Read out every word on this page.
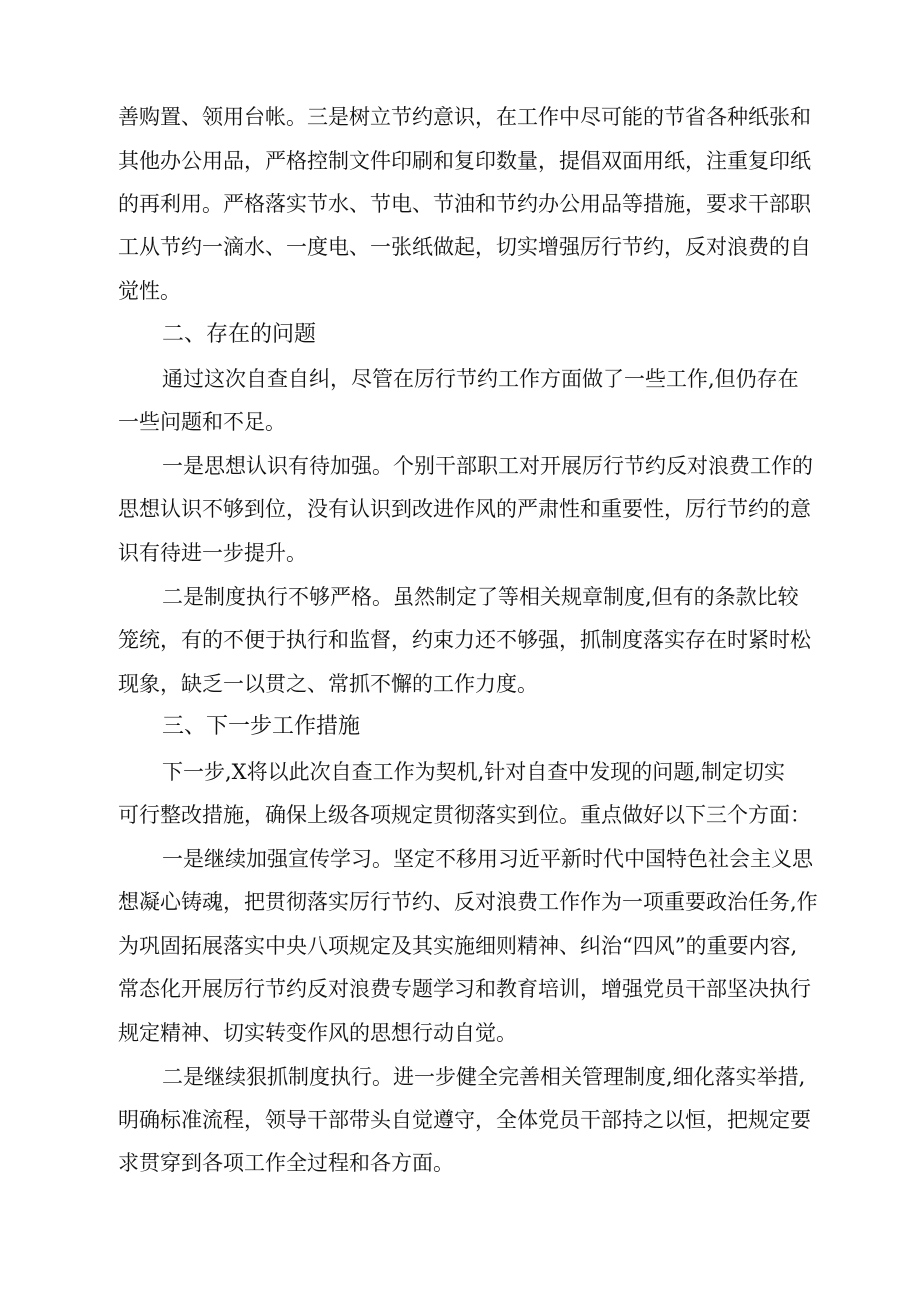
善购置、领用台帐。三是树立节约意识，在工作中尽可能的节省各种纸张和
其他办公用品，严格控制文件印刷和复印数量，提倡双面用纸，注重复印纸
的再利用。严格落实节水、节电、节油和节约办公用品等措施，要求干部职
工从节约一滴水、一度电、一张纸做起，切实增强厉行节约，反对浪费的自
觉性。
二、存在的问题
通过这次自查自纠，尽管在厉行节约工作方面做了一些工作,但仍存在
一些问题和不足。
一是思想认识有待加强。个别干部职工对开展厉行节约反对浪费工作的
思想认识不够到位，没有认识到改进作风的严肃性和重要性，厉行节约的意
识有待进一步提升。
二是制度执行不够严格。虽然制定了等相关规章制度,但有的条款比较
笼统，有的不便于执行和监督，约束力还不够强，抓制度落实存在时紧时松
现象，缺乏一以贯之、常抓不懈的工作力度。
三、下一步工作措施
下一步,X将以此次自查工作为契机,针对自查中发现的问题,制定切实
可行整改措施，确保上级各项规定贯彻落实到位。重点做好以下三个方面：
一是继续加强宣传学习。坚定不移用习近平新时代中国特色社会主义思
想凝心铸魂，把贯彻落实厉行节约、反对浪费工作作为一项重要政治任务,作
为巩固拓展落实中央八项规定及其实施细则精神、纠治“四风”的重要内容,
常态化开展厉行节约反对浪费专题学习和教育培训，增强党员干部坚决执行
规定精神、切实转变作风的思想行动自觉。
二是继续狠抓制度执行。进一步健全完善相关管理制度,细化落实举措,
明确标准流程，领导干部带头自觉遵守，全体党员干部持之以恒，把规定要
求贯穿到各项工作全过程和各方面。
